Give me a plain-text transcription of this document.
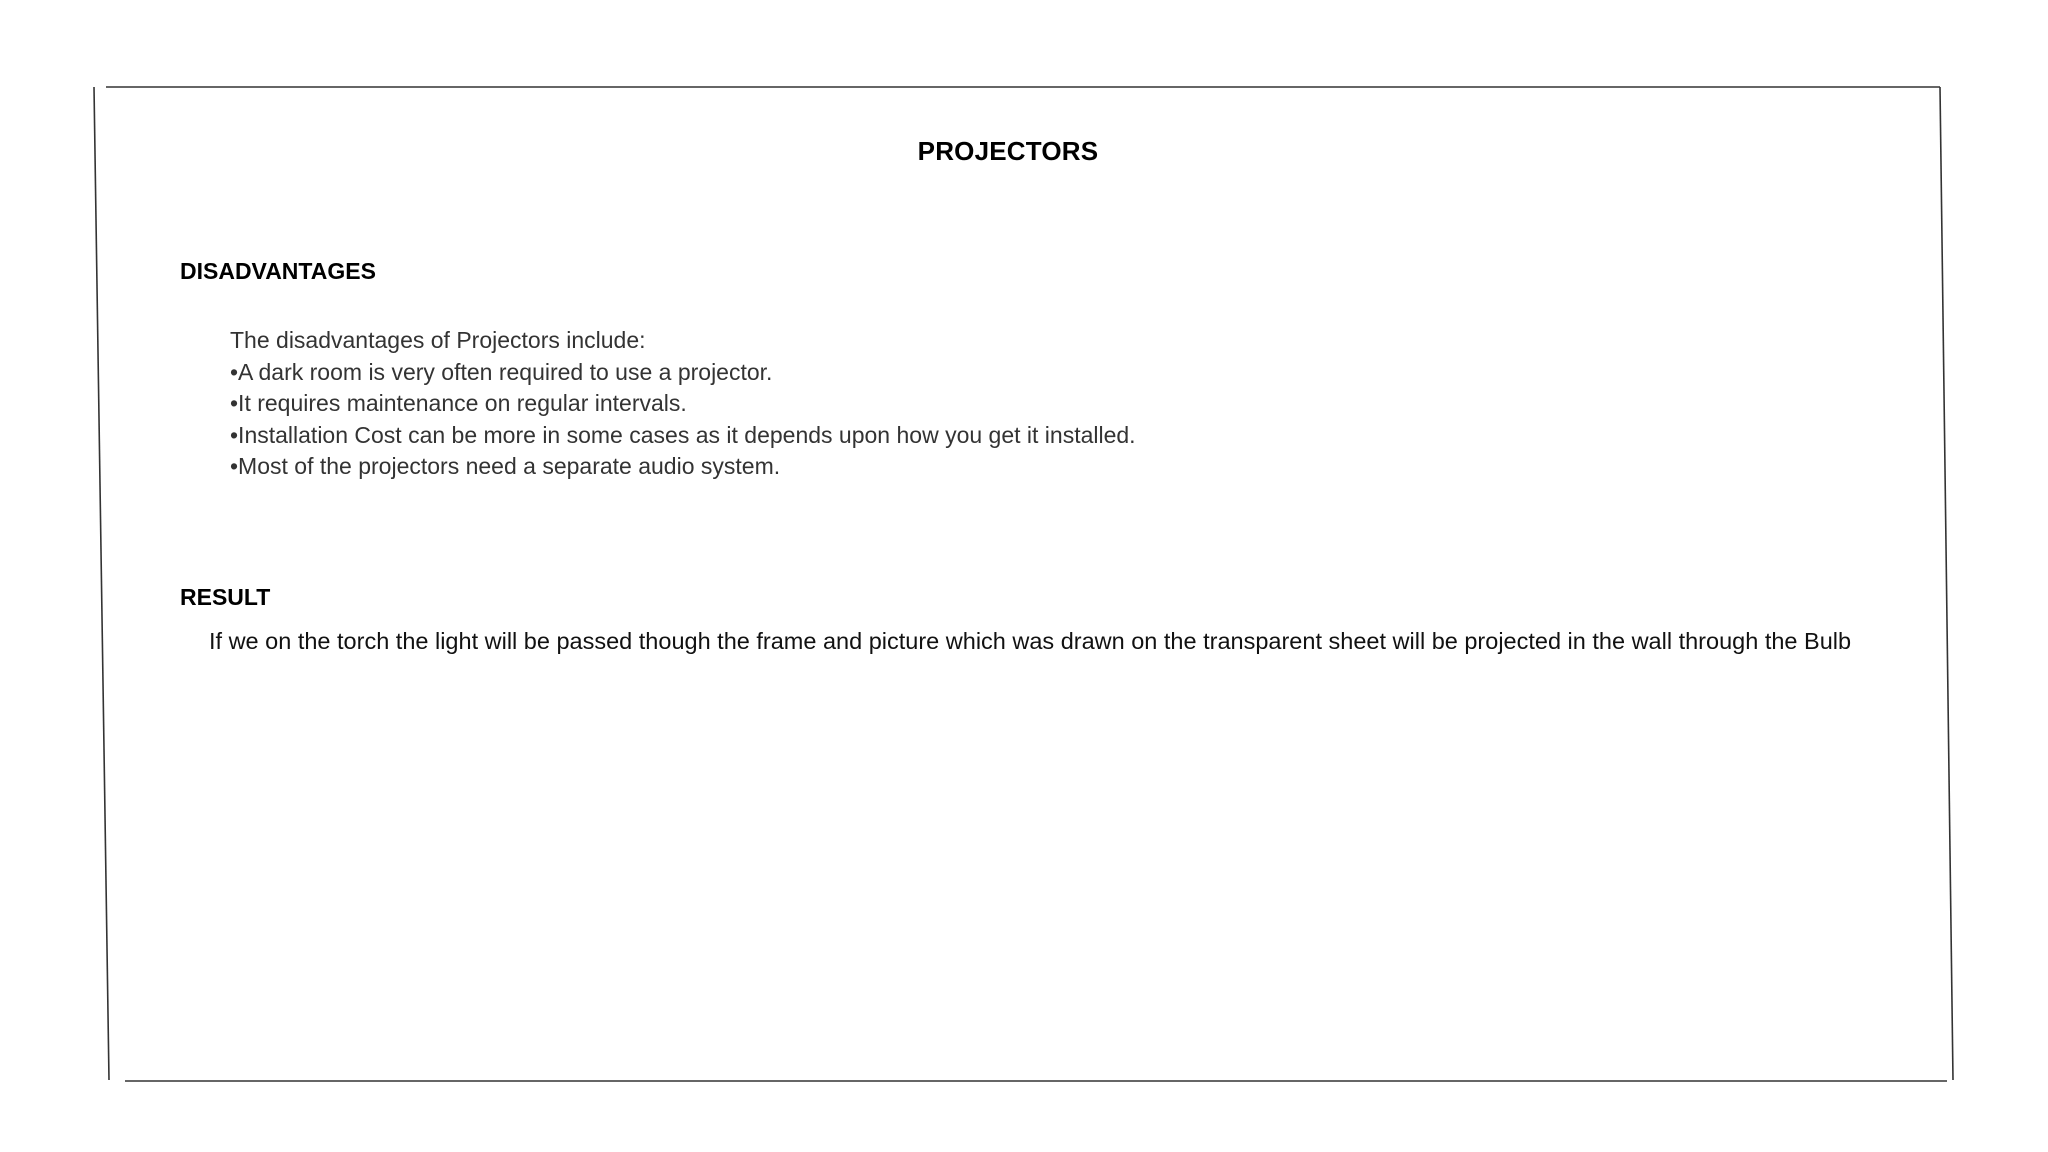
PROJECTORS
DISADVANTAGES
The disadvantages of Projectors include:
•A dark room is very often required to use a projector.
•It requires maintenance on regular intervals.
•Installation Cost can be more in some cases as it depends upon how you get it installed.
•Most of the projectors need a separate audio system.
RESULT
If we on the torch the light will be passed though the frame and picture which was drawn on the transparent sheet will be projected in the wall through the Bulb
